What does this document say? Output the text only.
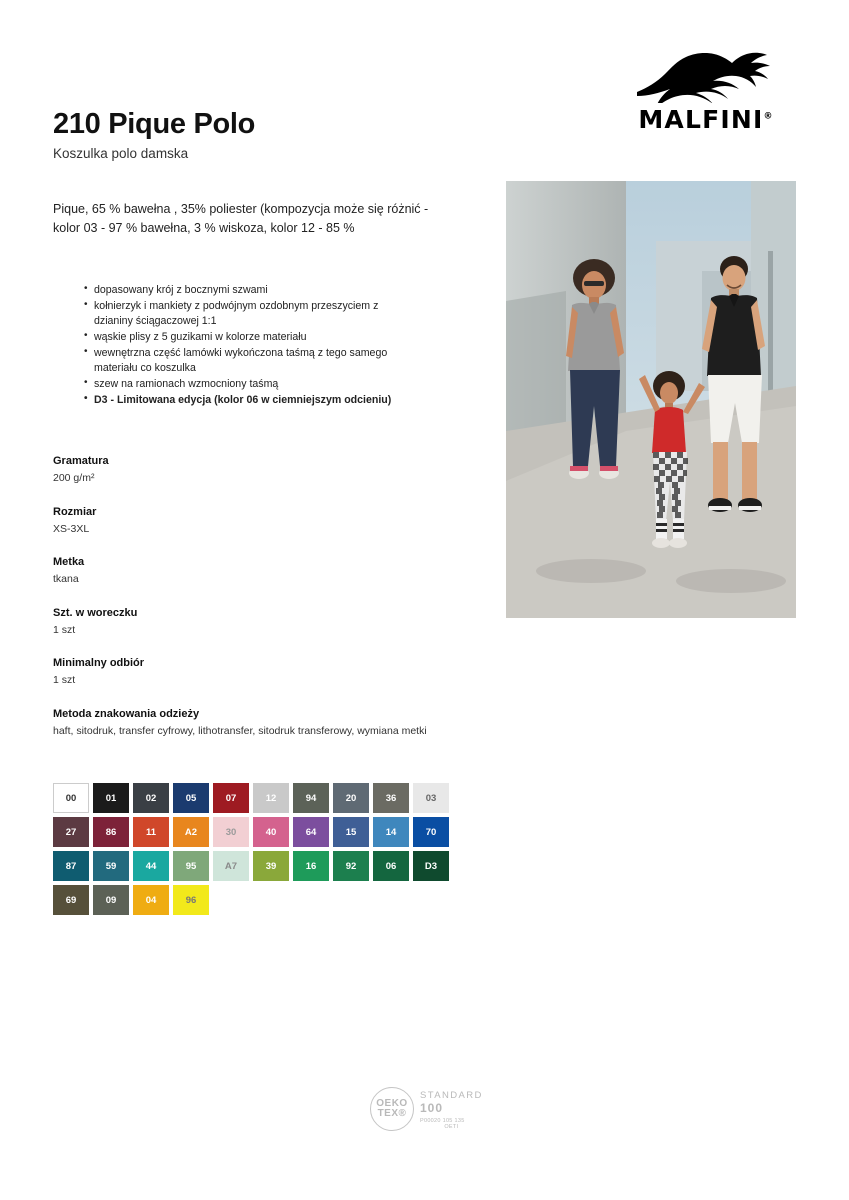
MALFINI®
210 Pique Polo
Koszulka polo damska
Pique, 65 % bawełna , 35% poliester (kompozycja może się różnić - kolor 03 - 97 % bawełna, 3 % wiskoza, kolor 12 - 85 %
• dopasowany krój z bocznymi szwami
• kołnierzyk i mankiety z podwójnym ozdobnym przeszyciem z dzianiny ściągaczowej 1:1
• wąskie plisy z 5 guzikami w kolorze materiału
• wewnętrzna część lamówki wykończona taśmą z tego samego materiału co koszulka
• szew na ramionach wzmocniony taśmą
• D3 - Limitowana edycja (kolor 06 w ciemniejszym odcieniu)
Gramatura
200 g/m²
Rozmiar
XS-3XL
Metka
tkana
Szt. w woreczku
1 szt
Minimalny odbiór
1 szt
Metoda znakowania odzieży
haft, sitodruk, transfer cyfrowy, lithotransfer, sitodruk transferowy, wymiana metki
00	01	02	05	07	12	94	20	36	03
27	86	11	A2	30	40	64	15	14	70
87	59	44	95	A7	39	16	92	06	D3
69	09	04	96
OEKO
TEX®
STANDARD
100
P00020 105 135
OETI
